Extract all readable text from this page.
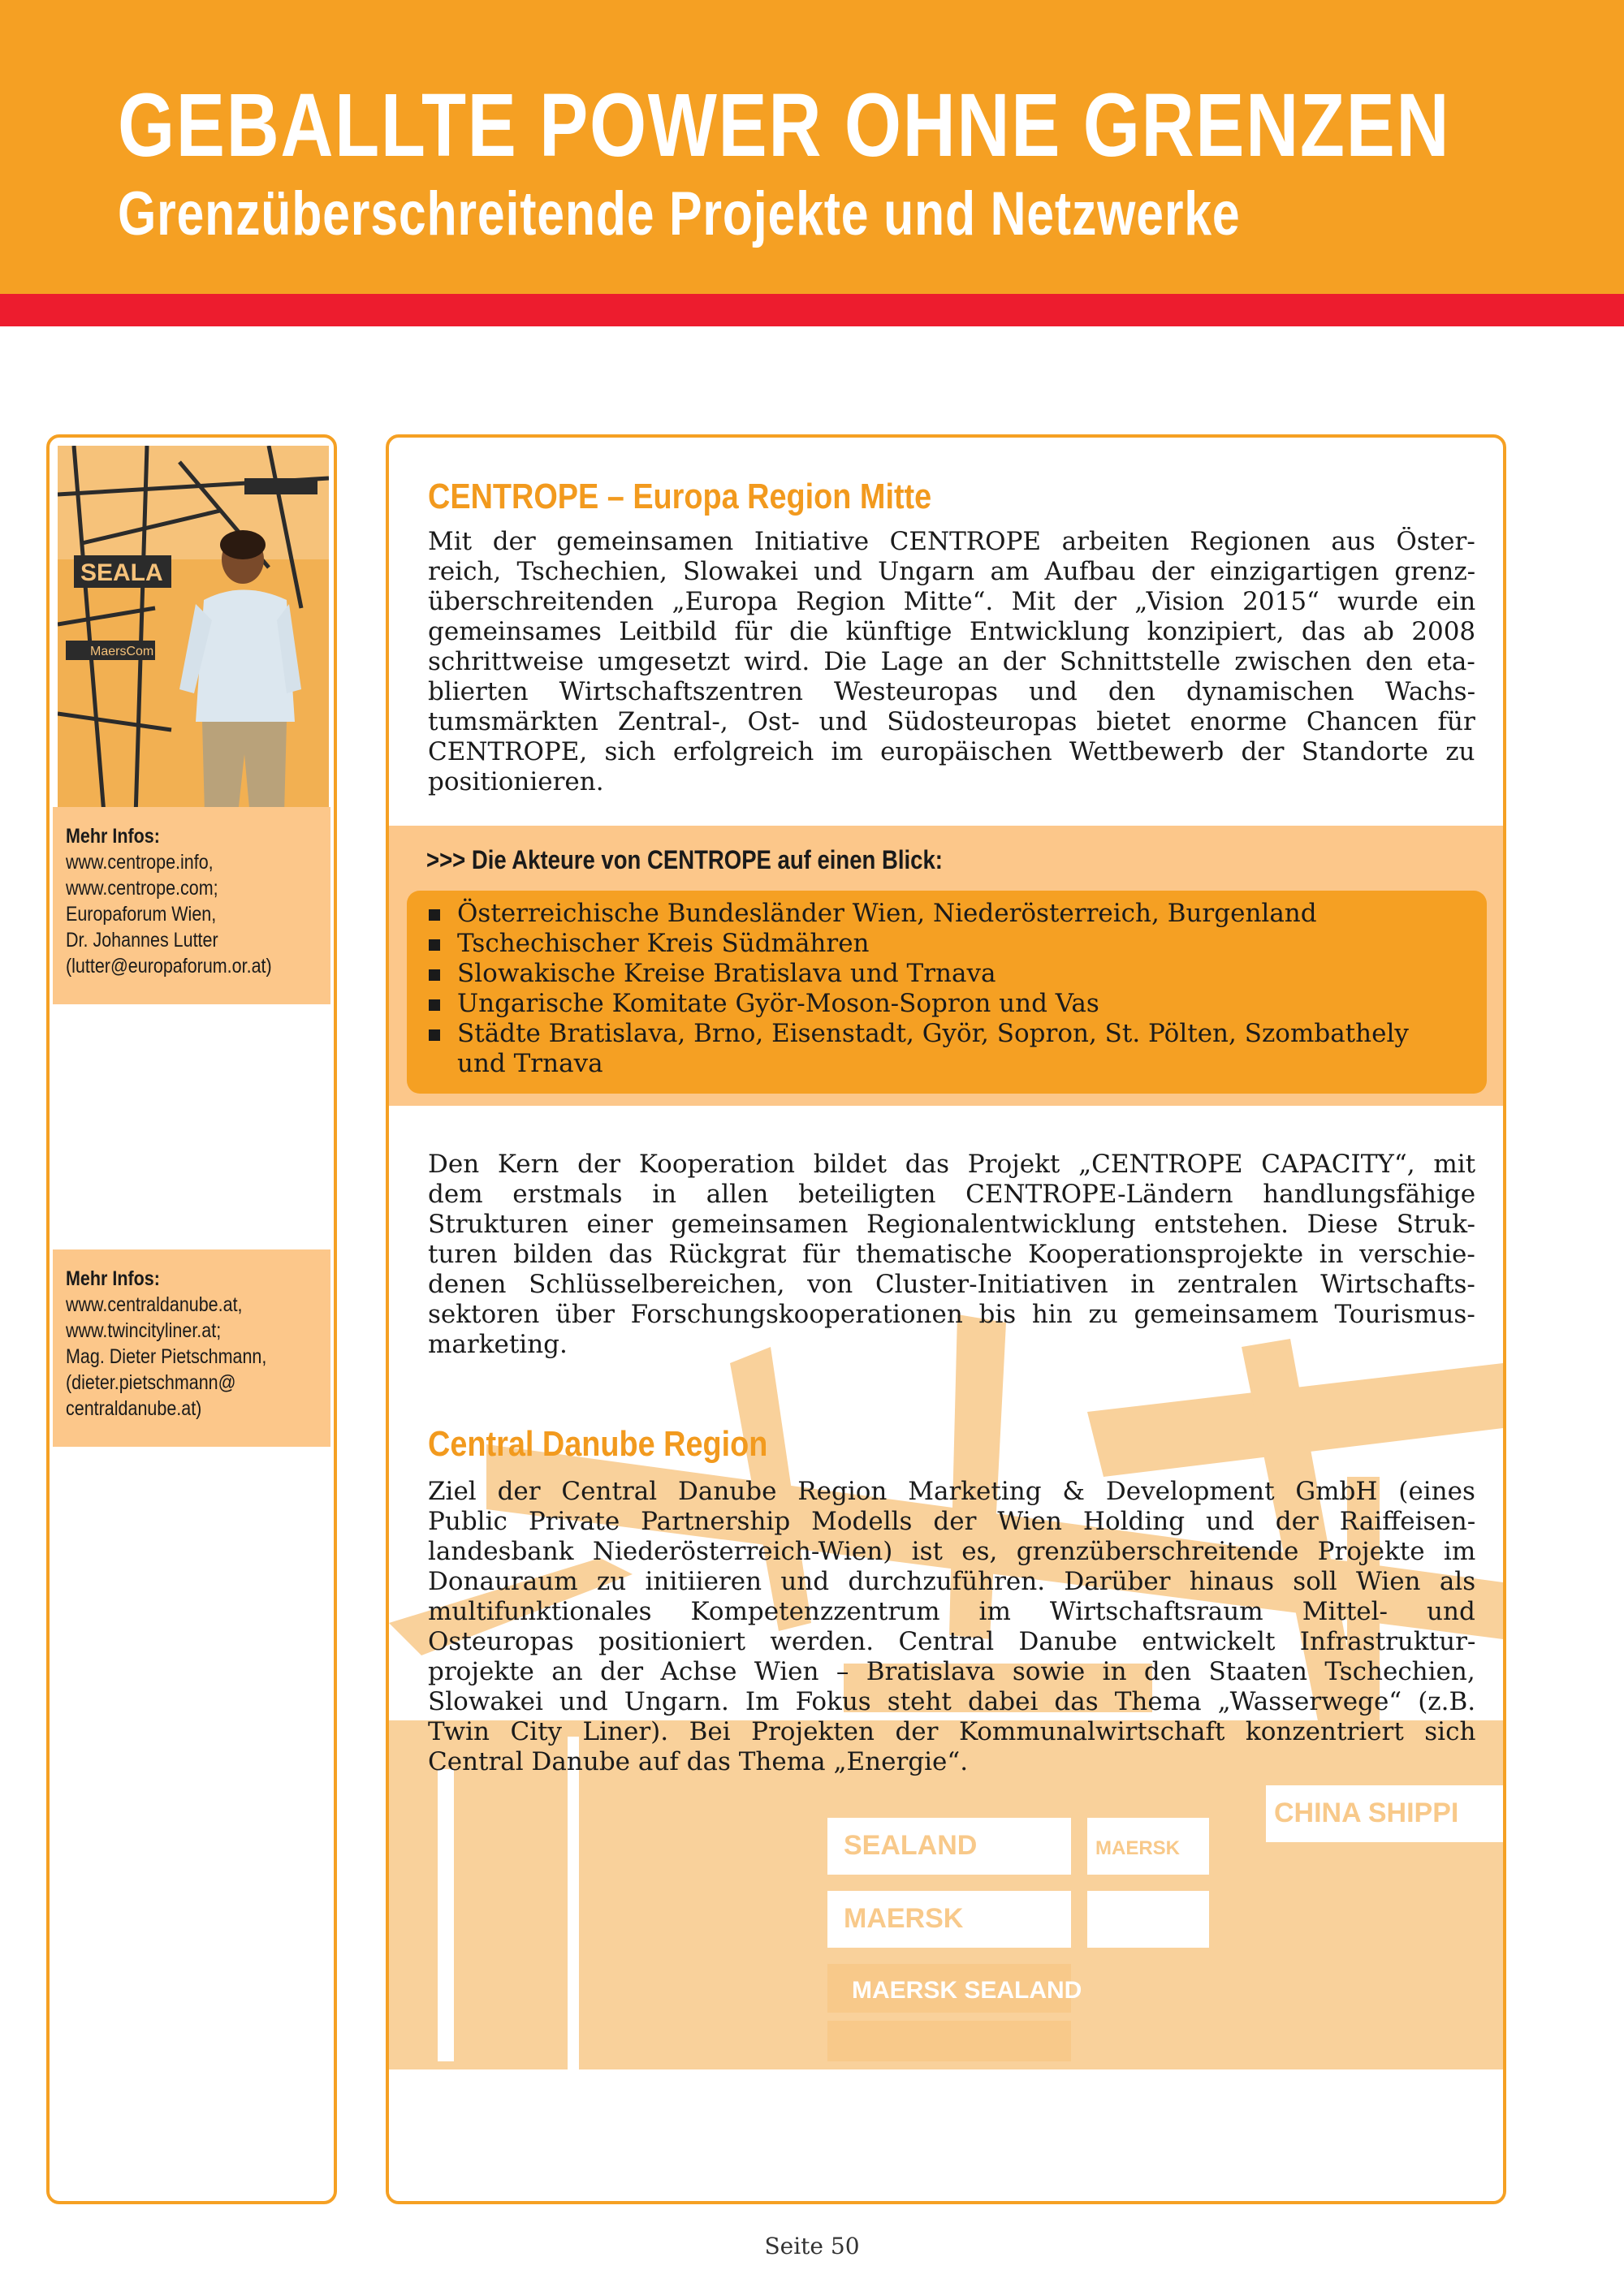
GEBALLTE POWER OHNE GRENZEN
Grenzüberschreitende Projekte und Netzwerke
SEALA
MaersCom
Mehr Infos:
www.centrope.info,
www.centrope.com;
Europaforum Wien,
Dr. Johannes Lutter
(lutter@europaforum.or.at)
Mehr Infos:
www.centraldanube.at,
www.twincityliner.at;
Mag. Dieter Pietschmann,
(dieter.pietschmann@
centraldanube.at)
SEALAND
MAERSK
MAERSK
CHINA SHIPPI
MAERSK SEALAND
CENTROPE – Europa Region Mitte
Mit der gemeinsamen Initiative CENTROPE arbeiten Regionen aus Öster-
reich, Tschechien, Slowakei und Ungarn am Aufbau der einzigartigen grenz-
überschreitenden „Europa Region Mitte“. Mit der „Vision 2015“ wurde ein
gemeinsames Leitbild für die künftige Entwicklung konzipiert, das ab 2008
schrittweise umgesetzt wird. Die Lage an der Schnittstelle zwischen den eta-
blierten Wirtschaftszentren Westeuropas und den dynamischen Wachs-
tumsmärkten Zentral-, Ost- und Südosteuropas bietet enorme Chancen für
CENTROPE, sich erfolgreich im europäischen Wettbewerb der Standorte zu
positionieren.
>>> Die Akteure von CENTROPE auf einen Blick:
Österreichische Bundesländer Wien, Niederösterreich, Burgenland
Tschechischer Kreis Südmähren
Slowakische Kreise Bratislava und Trnava
Ungarische Komitate Györ-Moson-Sopron und Vas
Städte Bratislava, Brno, Eisenstadt, Györ, Sopron, St. Pölten, Szombathely
und Trnava
Den Kern der Kooperation bildet das Projekt „CENTROPE CAPACITY“, mit
dem erstmals in allen beteiligten CENTROPE-Ländern handlungsfähige
Strukturen einer gemeinsamen Regionalentwicklung entstehen. Diese Struk-
turen bilden das Rückgrat für thematische Kooperationsprojekte in verschie-
denen Schlüsselbereichen, von Cluster-Initiativen in zentralen Wirtschafts-
sektoren über Forschungskooperationen bis hin zu gemeinsamem Tourismus-
marketing.
Central Danube Region
Ziel der Central Danube Region Marketing & Development GmbH (eines
Public Private Partnership Modells der Wien Holding und der Raiffeisen-
landesbank Niederösterreich-Wien) ist es, grenzüberschreitende Projekte im
Donauraum zu initiieren und durchzuführen. Darüber hinaus soll Wien als
multifunktionales Kompetenzzentrum im Wirtschaftsraum Mittel- und
Osteuropas positioniert werden. Central Danube entwickelt Infrastruktur-
projekte an der Achse Wien – Bratislava sowie in den Staaten Tschechien,
Slowakei und Ungarn. Im Fokus steht dabei das Thema „Wasserwege“ (z.B.
Twin City Liner). Bei Projekten der Kommunalwirtschaft konzentriert sich
Central Danube auf das Thema „Energie“.
Seite 50
